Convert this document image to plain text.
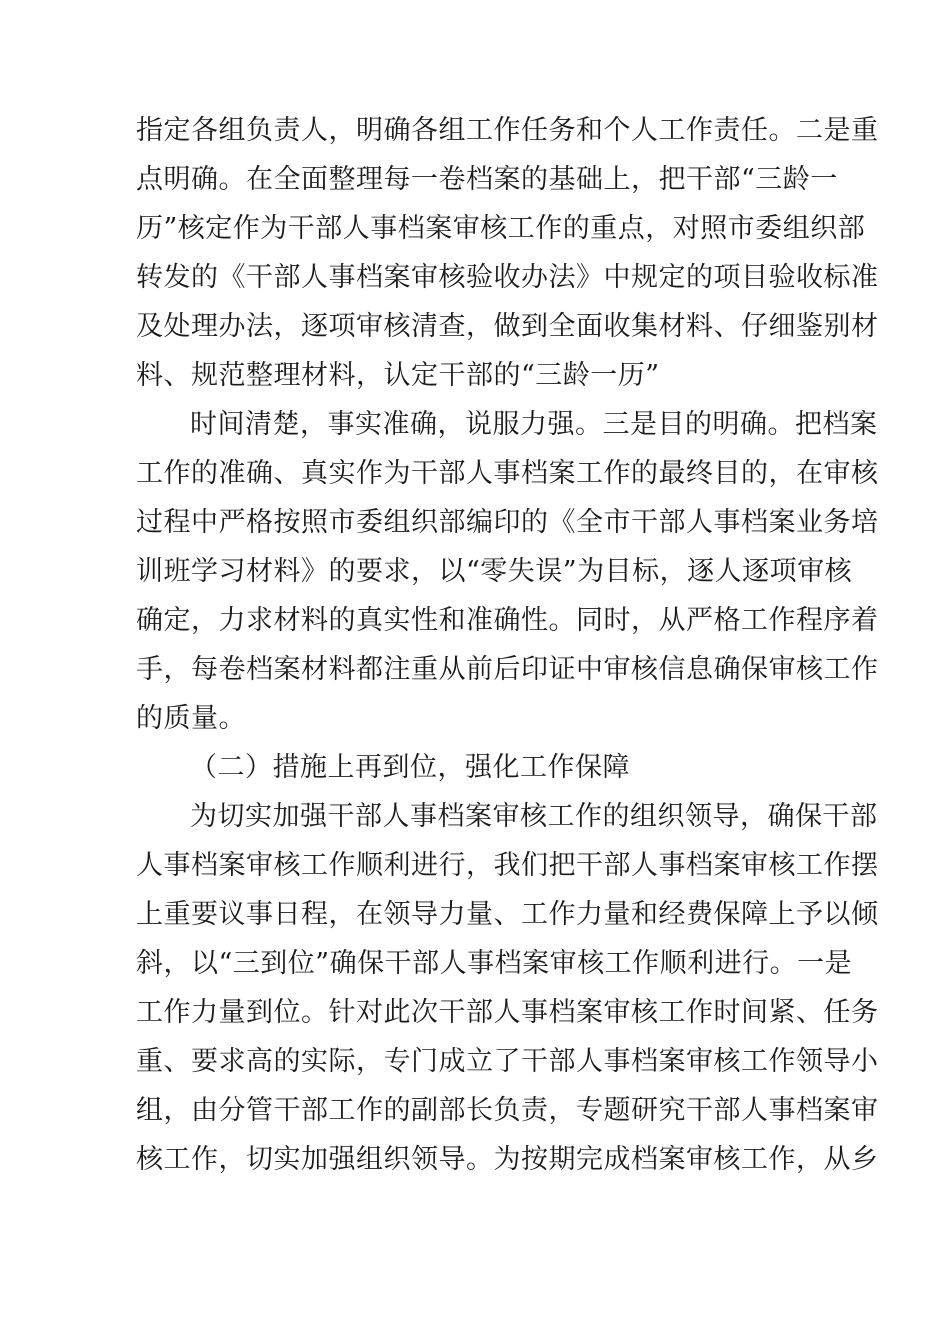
指定各组负责人，明确各组工作任务和个人工作责任。二是重
点明确。在全面整理每一卷档案的基础上，把干部“三龄一
历”核定作为干部人事档案审核工作的重点，对照市委组织部
转发的《干部人事档案审核验收办法》中规定的项目验收标准
及处理办法，逐项审核清查，做到全面收集材料、仔细鉴别材
料、规范整理材料，认定干部的“三龄一历”
时间清楚，事实准确，说服力强。三是目的明确。把档案
工作的准确、真实作为干部人事档案工作的最终目的，在审核
过程中严格按照市委组织部编印的《全市干部人事档案业务培
训班学习材料》的要求，以“零失误”为目标，逐人逐项审核
确定，力求材料的真实性和准确性。同时，从严格工作程序着
手，每卷档案材料都注重从前后印证中审核信息确保审核工作
的质量。
（二）措施上再到位，强化工作保障
为切实加强干部人事档案审核工作的组织领导，确保干部
人事档案审核工作顺利进行，我们把干部人事档案审核工作摆
上重要议事日程，在领导力量、工作力量和经费保障上予以倾
斜，以“三到位”确保干部人事档案审核工作顺利进行。一是
工作力量到位。针对此次干部人事档案审核工作时间紧、任务
重、要求高的实际，专门成立了干部人事档案审核工作领导小
组，由分管干部工作的副部长负责，专题研究干部人事档案审
核工作，切实加强组织领导。为按期完成档案审核工作，从乡
